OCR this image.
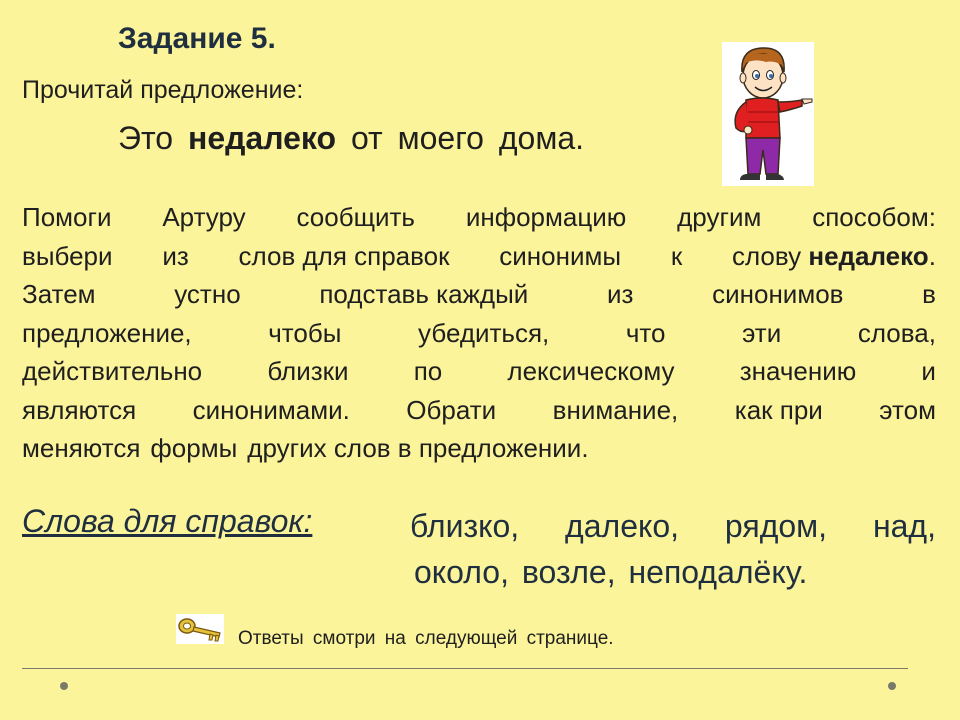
Задание 5.

Прочитай предложение:

Это недалеко от моего дома.

Помоги Артуру сообщить информацию другим способом:
выбери из слов для справок синонимы к слову недалеко.
Затем	устно	подставь каждый	из	синонимов	в
предложение,	чтобы	убедиться,	что	эти	слова,
действительно	близки	по	лексическому	значению	и
являются синонимами. Обрати внимание, как при этом
меняются формы других слов в предложении.

Слова для справок:	близко, далеко, рядом, над,
около, возле, неподалёку.

Ответы смотри на следующей странице.
